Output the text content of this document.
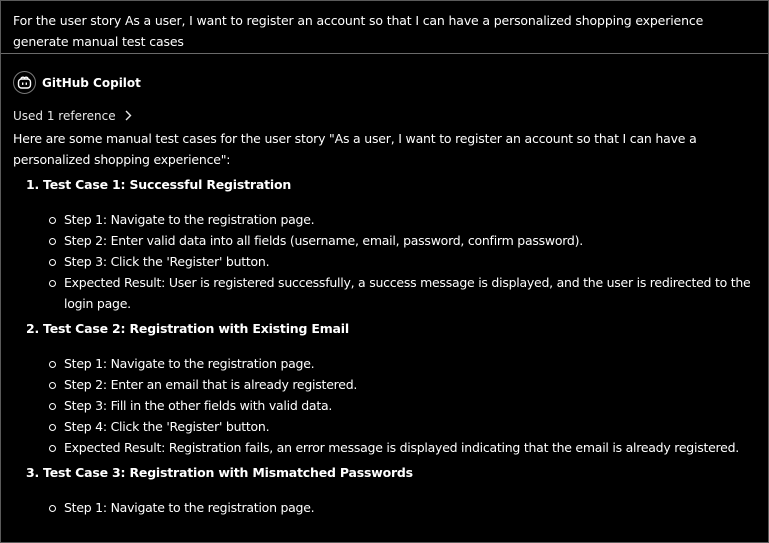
For the user story As a user, I want to register an account so that I can have a personalized shopping experience generate manual test cases
GitHub Copilot
Used 1 reference
Here are some manual test cases for the user story "As a user, I want to register an account so that I can have a personalized shopping experience":
1. Test Case 1: Successful Registration
Step 1: Navigate to the registration page.
Step 2: Enter valid data into all fields (username, email, password, confirm password).
Step 3: Click the 'Register' button.
Expected Result: User is registered successfully, a success message is displayed, and the user is redirected to the login page.
2. Test Case 2: Registration with Existing Email
Step 1: Navigate to the registration page.
Step 2: Enter an email that is already registered.
Step 3: Fill in the other fields with valid data.
Step 4: Click the 'Register' button.
Expected Result: Registration fails, an error message is displayed indicating that the email is already registered.
3. Test Case 3: Registration with Mismatched Passwords
Step 1: Navigate to the registration page.
